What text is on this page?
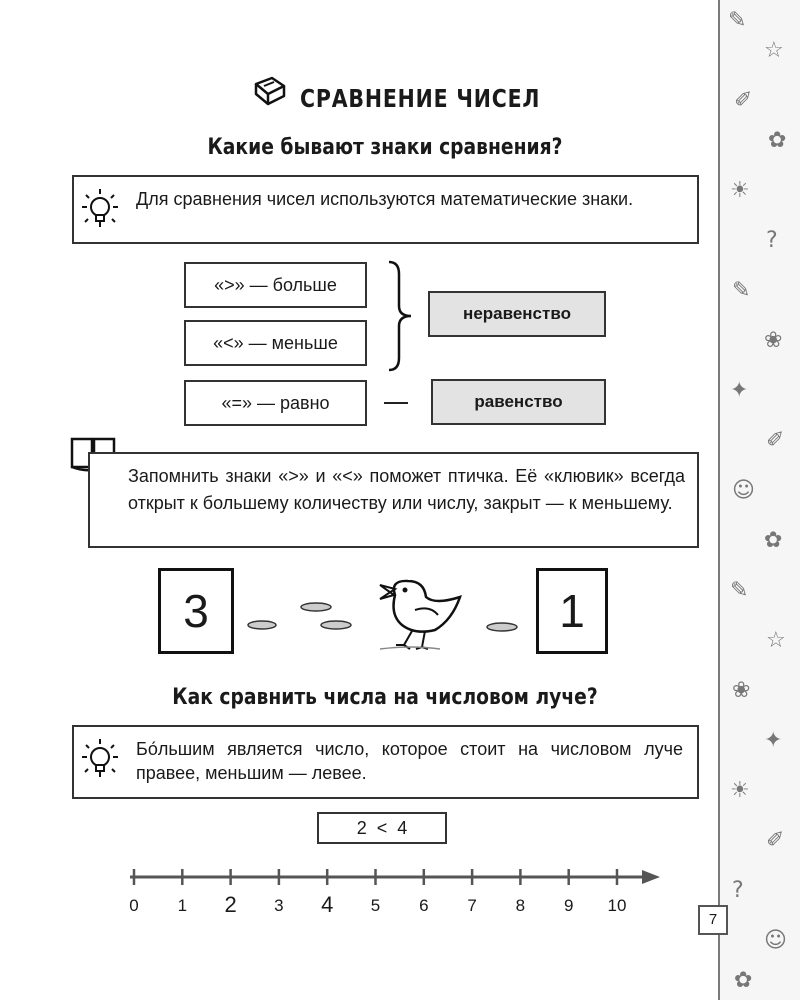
✎
☆
✐
✿
☀
?
✎
❀
✦
✐
☺
✿
✎
☆
❀
✦
☀
✐
?
☺
✿
СРАВНЕНИЕ ЧИСЕЛ
Какие бывают знаки сравнения?
Для сравнения чисел используются математические знаки.
«>» — больше
«<» — меньше
«=» — равно
неравенство
равенство
Запомнить знаки «>» и «<» поможет птичка. Её «клювик» всегда открыт к большему количеству или числу, закрыт — к меньшему.
3	1
Как сравнить числа на числовом луче?
Бо́льшим является число, которое стоит на числовом луче правее, меньшим — левее.
2  <  4
0 1 2 3 4 5 6 7 8 9 10
7
